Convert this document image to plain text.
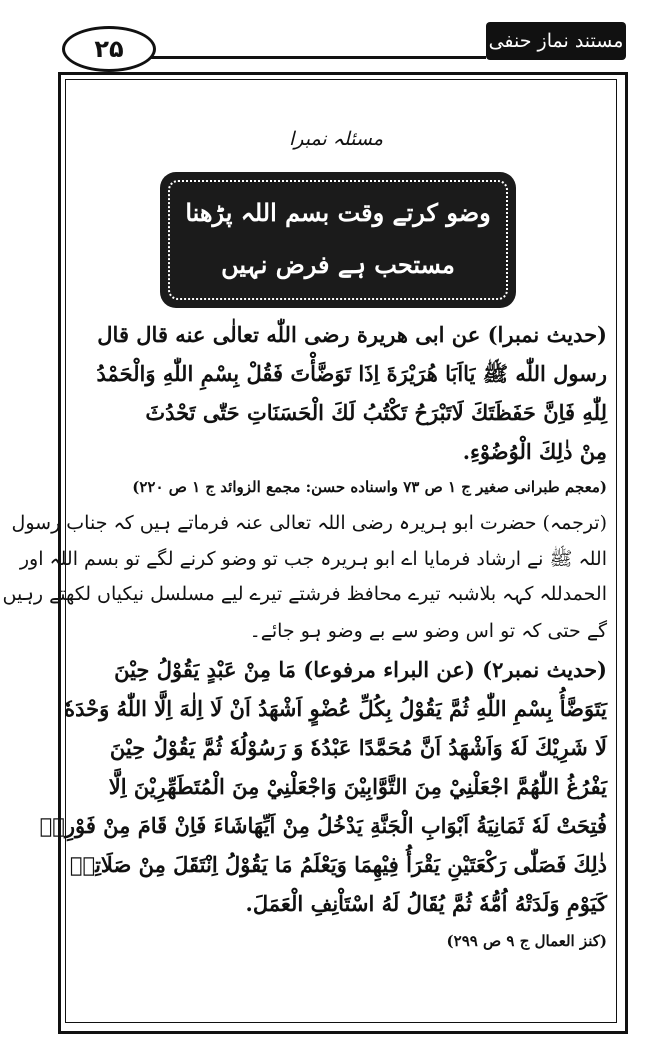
۲۵	مستند نماز حنفی
مسئلہ نمبرا
وضو کرتے وقت بسم اللہ پڑھنا
مستحب ہے فرض نہیں
(حدیث نمبرا) عن ابی هريرة رضی اللّٰه تعالٰی عنه قال قال
رسول اللّٰه ﷺ يَااَبَا هُرَيْرَةَ اِذَا تَوَضَّأْتَ فَقُلْ بِسْمِ اللّٰهِ وَالْحَمْدُ
لِلّٰهِ فَاِنَّ حَفَظَتَكَ لَاتَبْرَحُ تَكْتُبُ لَكَ الْحَسَنَاتِ حَتّٰى تَحْدُثَ
مِنْ ذٰلِكَ الْوُضُوْءِ.
(معجم طبرانی صغیر ج ۱ ص ۷۳ واسناده حسن: مجمع الزوائد ج ۱ ص ۲۲۰)
(ترجمہ) حضرت ابو ہریرہ رضی اللہ تعالی عنہ فرماتے ہیں کہ جناب رسول
اللہ ﷺ نے ارشاد فرمایا اے ابو ہریرہ جب تو وضو کرنے لگے تو بسم اللہ اور
الحمدللہ کہہ بلاشبہ تیرے محافظ فرشتے تیرے لیے مسلسل نیکیاں لکھتے رہیں
گے حتی کہ تو اس وضو سے بے وضو ہو جائے۔
(حدیث نمبر۲) (عن البراء مرفوعا) مَا مِنْ عَبْدٍ يَقُوْلُ حِيْنَ
يَتَوَضَّأُ بِسْمِ اللّٰهِ ثُمَّ يَقُوْلُ بِكُلِّ عُضْوٍ اَشْهَدُ اَنْ لَا اِلٰهَ اِلَّا اللّٰهُ وَحْدَهٗ
لَا شَرِيْكَ لَهٗ وَاَشْهَدُ اَنَّ مُحَمَّدًا عَبْدُهٗ وَ رَسُوْلُهٗ ثُمَّ يَقُوْلُ حِيْنَ
يَفْرُغُ اللّٰهُمَّ اجْعَلْنِيْ مِنَ التَّوَّابِيْنَ وَاجْعَلْنِيْ مِنَ الْمُتَطَهِّرِيْنَ اِلَّا
فُتِحَتْ لَهٗ ثَمَانِيَةُ اَبْوَابِ الْجَنَّةِ يَدْخُلُ مِنْ اَيِّهَاشَاءَ فَاِنْ قَامَ مِنْ فَوْرِهٖ
ذٰلِكَ فَصَلّٰى رَكْعَتَيْنِ يَقْرَأُ فِيْهِمَا وَيَعْلَمُ مَا يَقُوْلُ اِنْتَقَلَ مِنْ صَلَاتِهٖ
كَيَوْمِ وَلَدَتْهُ اُمُّهٗ ثُمَّ يُقَالُ لَهُ اسْتَاْنِفِ الْعَمَلَ.
(کنز العمال ج ۹ ص ۲۹۹)
